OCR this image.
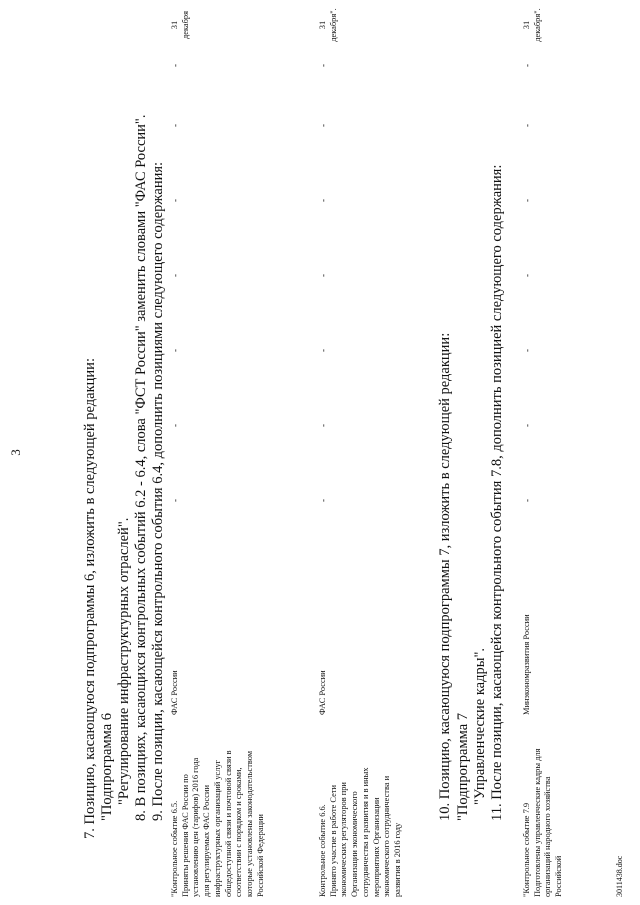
3	7. Позицию, касающуюся подпрограммы 6, изложить в следующей редакции: "Подпрограмма 6 "Регулирование инфраструктурных отраслей". 8. В позициях, касающихся контрольных событий 6.2 - 6.4, слова "ФСТ России" заменить словами "ФАС России". 9. После позиции, касающейся контрольного события 6.4, дополнить позициями следующего содержания:
"Контрольное событие 6.5. Приняты решения ФАС России по установлению цен (тарифов) 2016 года для регулируемых ФАС России инфраструктурных организаций услуг общедоступной связи и почтовой связи в соответствии с порядком и сроками, которые установлены законодательством Российской Федерации
ФАС России
-
-
-
-
-
-
-
31 декабря
Контрольное событие 6.6. Принято участие в работе Сети экономических регуляторов при Организации экономического сотрудничества и развития и в иных мероприятиях Организации экономического сотрудничества и развития в 2016 году
ФАС России
-
-
-
-
-
-
-
31 декабря".
10. Позицию, касающуюся подпрограммы 7, изложить в следующей редакции: "Подпрограмма 7 "Управленческие кадры". 11. После позиции, касающейся контрольного события 7.8, дополнить позицией следующего содержания:
"Контрольное событие 7.9 Подготовлены управленческие кадры для организаций народного хозяйства Российской
Минэкономразвития России
-
-
-
-
-
-
-
31 декабря".
3011438.doc
